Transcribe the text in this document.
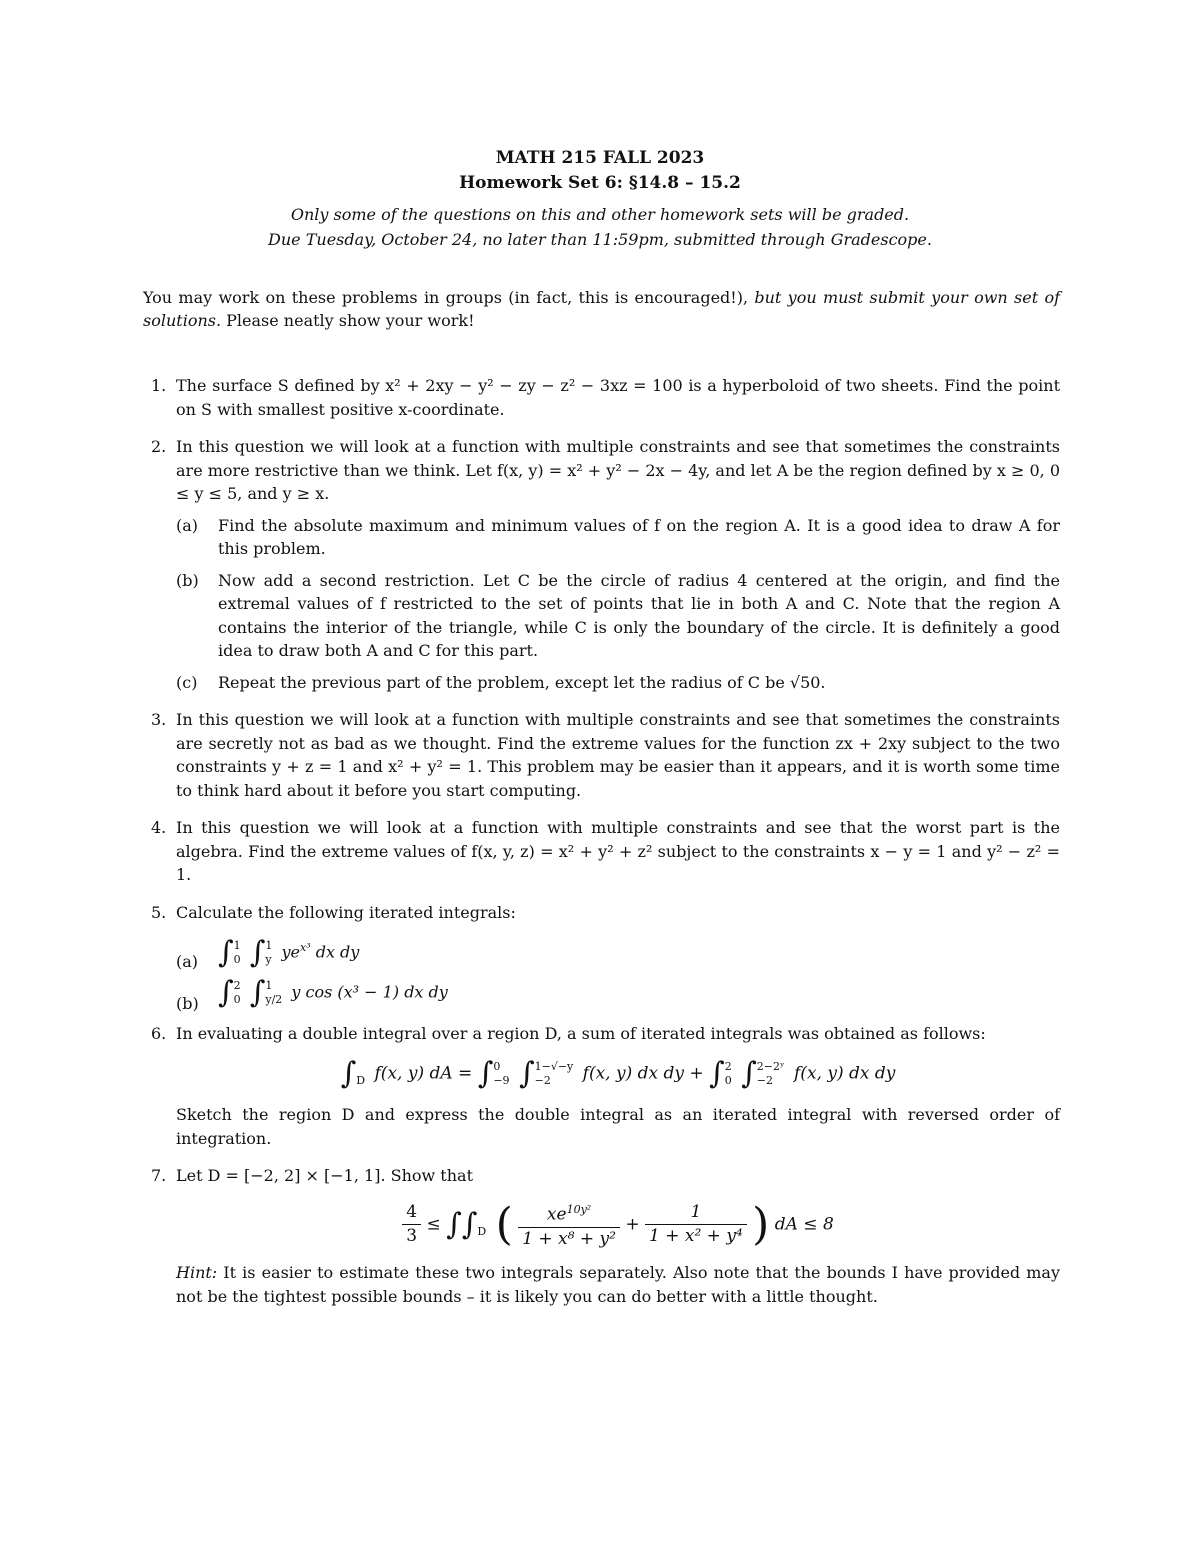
MATH 215 FALL 2023
Homework Set 6: §14.8 – 15.2
Only some of the questions on this and other homework sets will be graded.
Due Tuesday, October 24, no later than 11:59pm, submitted through Gradescope.
You may work on these problems in groups (in fact, this is encouraged!), but you must submit your own set of solutions. Please neatly show your work!
1. The surface S defined by x² + 2xy − y² − zy − z² − 3xz = 100 is a hyperboloid of two sheets. Find the point on S with smallest positive x-coordinate.
2. In this question we will look at a function with multiple constraints and see that sometimes the constraints are more restrictive than we think. Let f(x, y) = x² + y² − 2x − 4y, and let A be the region defined by x ≥ 0, 0 ≤ y ≤ 5, and y ≥ x.
(a) Find the absolute maximum and minimum values of f on the region A. It is a good idea to draw A for this problem.
(b) Now add a second restriction. Let C be the circle of radius 4 centered at the origin, and find the extremal values of f restricted to the set of points that lie in both A and C. Note that the region A contains the interior of the triangle, while C is only the boundary of the circle. It is definitely a good idea to draw both A and C for this part.
(c) Repeat the previous part of the problem, except let the radius of C be √50.
3. In this question we will look at a function with multiple constraints and see that sometimes the constraints are secretly not as bad as we thought. Find the extreme values for the function zx + 2xy subject to the two constraints y + z = 1 and x² + y² = 1. This problem may be easier than it appears, and it is worth some time to think hard about it before you start computing.
4. In this question we will look at a function with multiple constraints and see that the worst part is the algebra. Find the extreme values of f(x, y, z) = x² + y² + z² subject to the constraints x − y = 1 and y² − z² = 1.
5. Calculate the following iterated integrals:
(a) ∫1
0 ∫1
y $ye^{x^3}$ dx dy
(b) ∫2
0 ∫1
y/2 y cos (x³ − 1) dx dy
6. In evaluating a double integral over a region D, a sum of iterated integrals was obtained as follows:
∫
D f(x, y) dA = ∫0
−9 ∫1−√−y
−2 f(x, y) dx dy + ∫2
0 ∫2−2ʸ
−2 f(x, y) dx dy
Sketch the region D and express the double integral as an iterated integral with reversed order of integration.
7. Let D = [−2, 2] × [−1, 1]. Show that
$\frac{4}{3}$ ≤ ∫∫
D ( $\frac{xe^{10y^2}}{\text{1 + x⁸ + y²}} + \frac{1}{\text{1 + x² + y⁴}}$ ) dA ≤ 8
Hint: It is easier to estimate these two integrals separately. Also note that the bounds I have provided may not be the tightest possible bounds – it is likely you can do better with a little thought.
